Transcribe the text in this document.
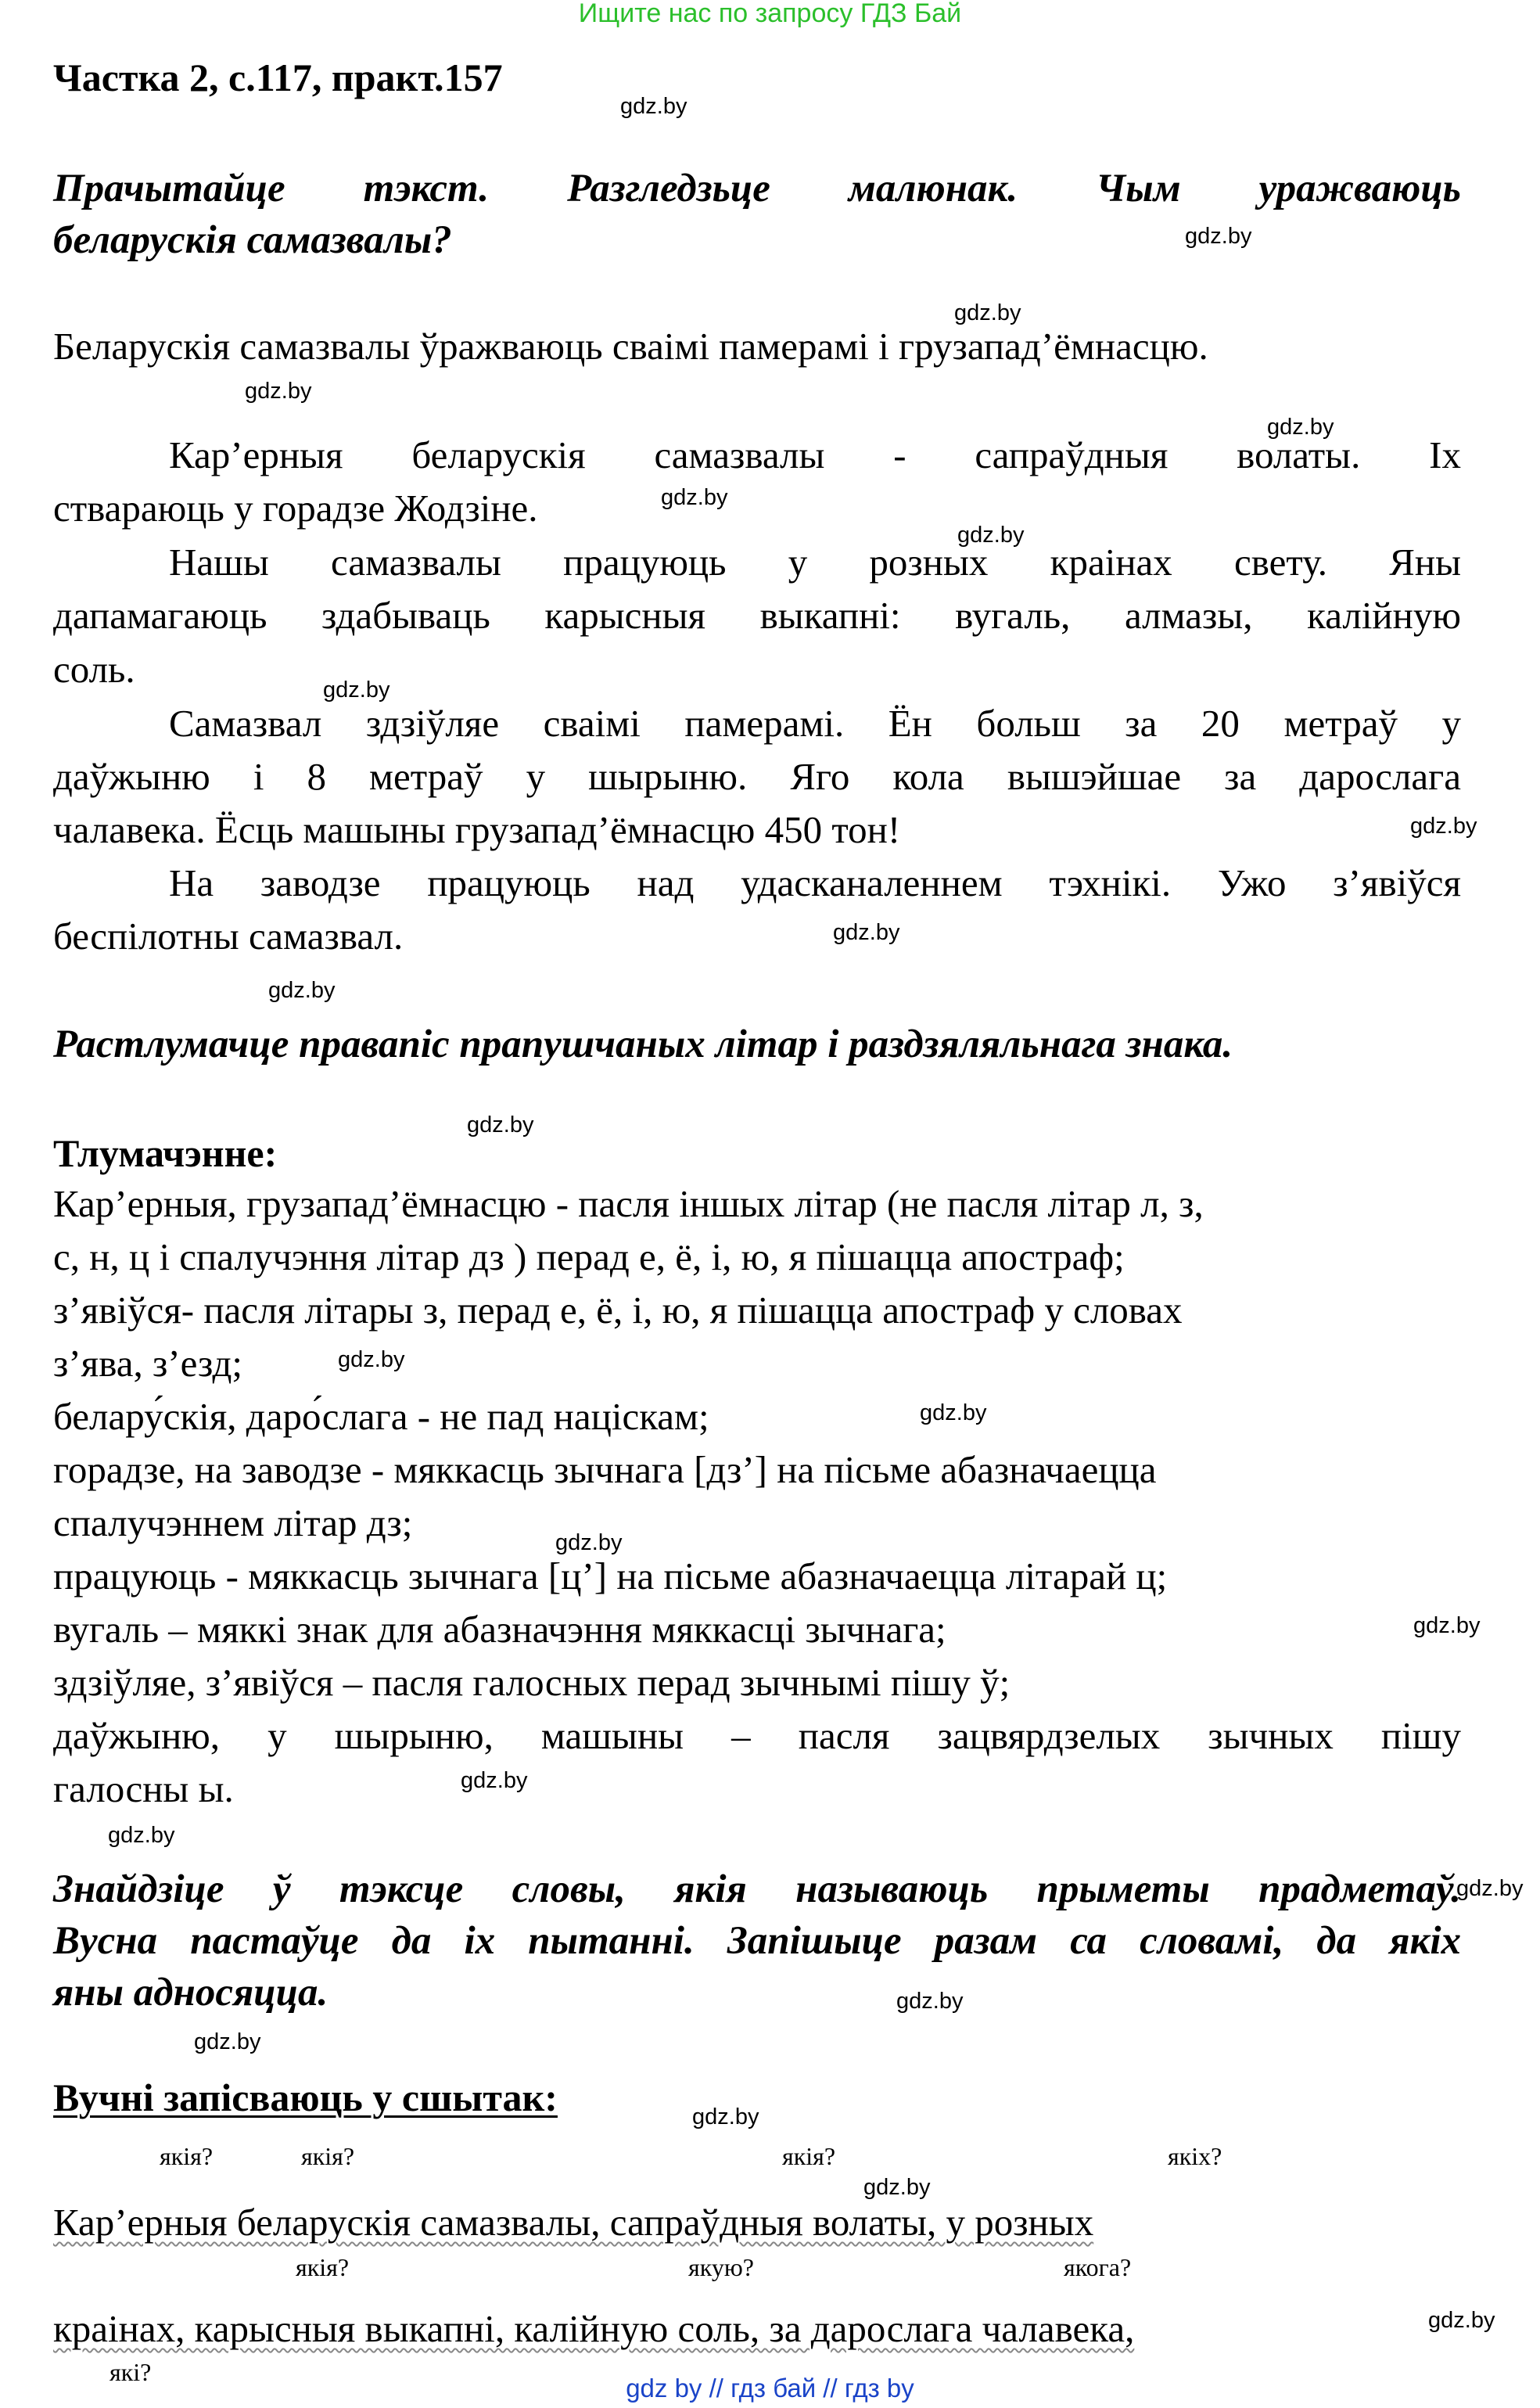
Ищите нас по запросу ГДЗ Бай
Частка 2, с.117, практ.157
gdz.by
Прачытайце тэкст. Разгледзьце малюнак. Чым уражваюць
беларускія самазвалы?	gdz.by
gdz.by
Беларускія самазвалы ўражваюць сваімі памерамі і грузапад’ёмнасцю.
gdz.by
gdz.by
Кар’ерныя беларускія самазвалы - сапраўдныя волаты. Іх
ствараюць у горадзе Жодзіне.	gdz.by
gdz.by
Нашы самазвалы працуюць у розных краінах свету. Яны
дапамагаюць здабываць карысныя выкапні: вугаль, алмазы, калійную
соль.	gdz.by
Самазвал здзіўляе сваімі памерамі. Ён больш за 20 метраў у
даўжыню і 8 метраў у шырыню. Яго кола вышэйшае за дарослага
чалавека. Ёсць машыны грузапад’ёмнасцю 450 тон!	gdz.by
На заводзе працуюць над удасканаленнем тэхнікі. Ужо з’явіўся
беспілотны самазвал.	gdz.by
gdz.by
Растлумачце правапіс прапушчаных літар і раздзяляльнага знака.
gdz.by
Тлумачэнне:
Кар’ерныя, грузапад’ёмнасцю - пасля іншых літар (не пасля літар л, з,
с, н, ц і спалучэння літар дз ) перад е, ё, і, ю, я пішацца апостраф;
з’явіўся- пасля літары з, перад е, ё, і, ю, я пішацца апостраф у словах
з’ява, з’езд;	gdz.by
белару́скія, даро́слага - не пад націскам;	gdz.by
горадзе, на заводзе - мяккасць зычнага [дз’] на пісьме абазначаецца
спалучэннем літар дз;	gdz.by
працуюць - мяккасць зычнага [ц’] на пісьме абазначаецца літарай ц;
вугаль – мяккі знак для абазначэння мяккасці зычнага;	gdz.by
здзіўляе, з’явіўся – пасля галосных перад зычнымі пішу ў;
даўжыню, у шырыню, машыны – пасля зацвярдзелых зычных пішу
галосны ы.	gdz.by
gdz.by
Знайдзіце ў тэксце словы, якія называюць прыметы прадметаў.
gdz.by
Вусна пастаўце да іх пытанні. Запішыце разам са словамі, да якіх
яны адносяцца.	gdz.by
gdz.by
Вучні запісваюць у сшытак:	gdz.by
якія?	якія?	якія?	якіх?
gdz.by
Кар’ерныя беларускія самазвалы, сапраўдныя волаты, у розных
якія?	якую?	якога?
краінах, карысныя выкапні, калійную соль, за дарослага чалавека,	gdz.by
які?
gdz by // гдз бай // гдз by
